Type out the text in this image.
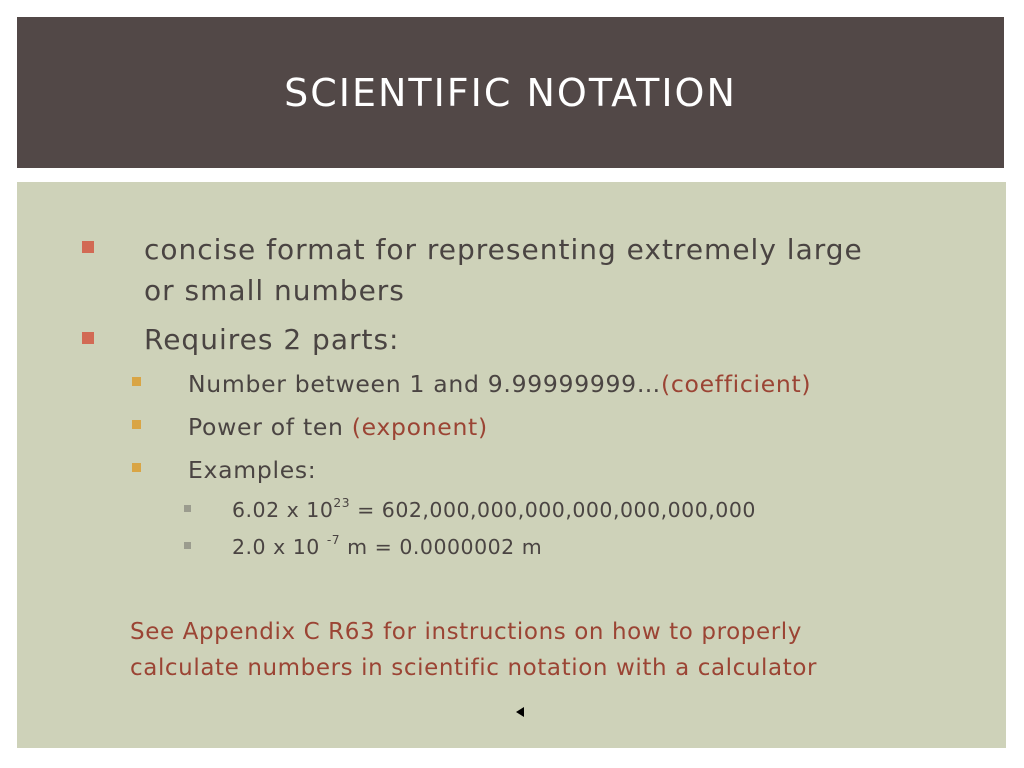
SCIENTIFIC NOTATION
concise format for representing extremely large
or small numbers
Requires 2 parts:
Number between 1 and 9.99999999…(coefficient)
Power of ten (exponent)
Examples:
6.02 x $10^{23} = 602,000,000,000,000,000,000,000$
2.0 x 10 $^{-7}$ m = 0.0000002 m
See Appendix C R63 for instructions on how to properly
calculate numbers in scientific notation with a calculator
